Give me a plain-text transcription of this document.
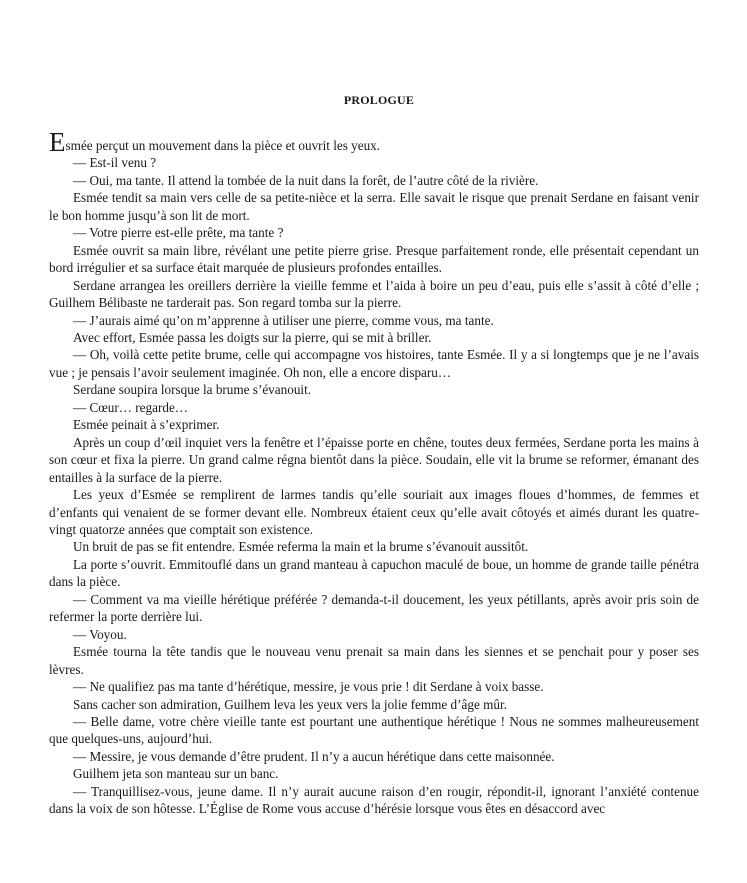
PROLOGUE

Esmée perçut un mouvement dans la pièce et ouvrit les yeux.

— Est-il venu ?

— Oui, ma tante. Il attend la tombée de la nuit dans la forêt, de l’autre côté de la rivière.

Esmée tendit sa main vers celle de sa petite-nièce et la serra. Elle savait le risque que prenait Serdane en faisant venir le bon homme jusqu’à son lit de mort.

— Votre pierre est-elle prête, ma tante ?

Esmée ouvrit sa main libre, révélant une petite pierre grise. Presque parfaitement ronde, elle présentait cependant un bord irrégulier et sa surface était marquée de plusieurs profondes entailles.

Serdane arrangea les oreillers derrière la vieille femme et l’aida à boire un peu d’eau, puis elle s’assit à côté d’elle ; Guilhem Bélibaste ne tarderait pas. Son regard tomba sur la pierre.

— J’aurais aimé qu’on m’apprenne à utiliser une pierre, comme vous, ma tante.

Avec effort, Esmée passa les doigts sur la pierre, qui se mit à briller.

— Oh, voilà cette petite brume, celle qui accompagne vos histoires, tante Esmée. Il y a si longtemps que je ne l’avais vue ; je pensais l’avoir seulement imaginée. Oh non, elle a encore disparu…

Serdane soupira lorsque la brume s’évanouit.

— Cœur… regarde…

Esmée peinait à s’exprimer.

Après un coup d’œil inquiet vers la fenêtre et l’épaisse porte en chêne, toutes deux fermées, Serdane porta les mains à son cœur et fixa la pierre. Un grand calme régna bientôt dans la pièce. Soudain, elle vit la brume se reformer, émanant des entailles à la surface de la pierre.

Les yeux d’Esmée se remplirent de larmes tandis qu’elle souriait aux images floues d’hommes, de femmes et d’enfants qui venaient de se former devant elle. Nombreux étaient ceux qu’elle avait côtoyés et aimés durant les quatre-vingt quatorze années que comptait son existence.

Un bruit de pas se fit entendre. Esmée referma la main et la brume s’évanouit aussitôt.

La porte s’ouvrit. Emmitouflé dans un grand manteau à capuchon maculé de boue, un homme de grande taille pénétra dans la pièce.

— Comment va ma vieille hérétique préférée ? demanda-t-il doucement, les yeux pétillants, après avoir pris soin de refermer la porte derrière lui.

— Voyou.

Esmée tourna la tête tandis que le nouveau venu prenait sa main dans les siennes et se penchait pour y poser ses lèvres.

— Ne qualifiez pas ma tante d’hérétique, messire, je vous prie ! dit Serdane à voix basse.

Sans cacher son admiration, Guilhem leva les yeux vers la jolie femme d’âge mûr.

— Belle dame, votre chère vieille tante est pourtant une authentique hérétique ! Nous ne sommes malheureusement que quelques-uns, aujourd’hui.

— Messire, je vous demande d’être prudent. Il n’y a aucun hérétique dans cette maisonnée.

Guilhem jeta son manteau sur un banc.

— Tranquillisez-vous, jeune dame. Il n’y aurait aucune raison d’en rougir, répondit-il, ignorant l’anxiété contenue dans la voix de son hôtesse. L’Église de Rome vous accuse d’hérésie lorsque vous êtes en désaccord avec
